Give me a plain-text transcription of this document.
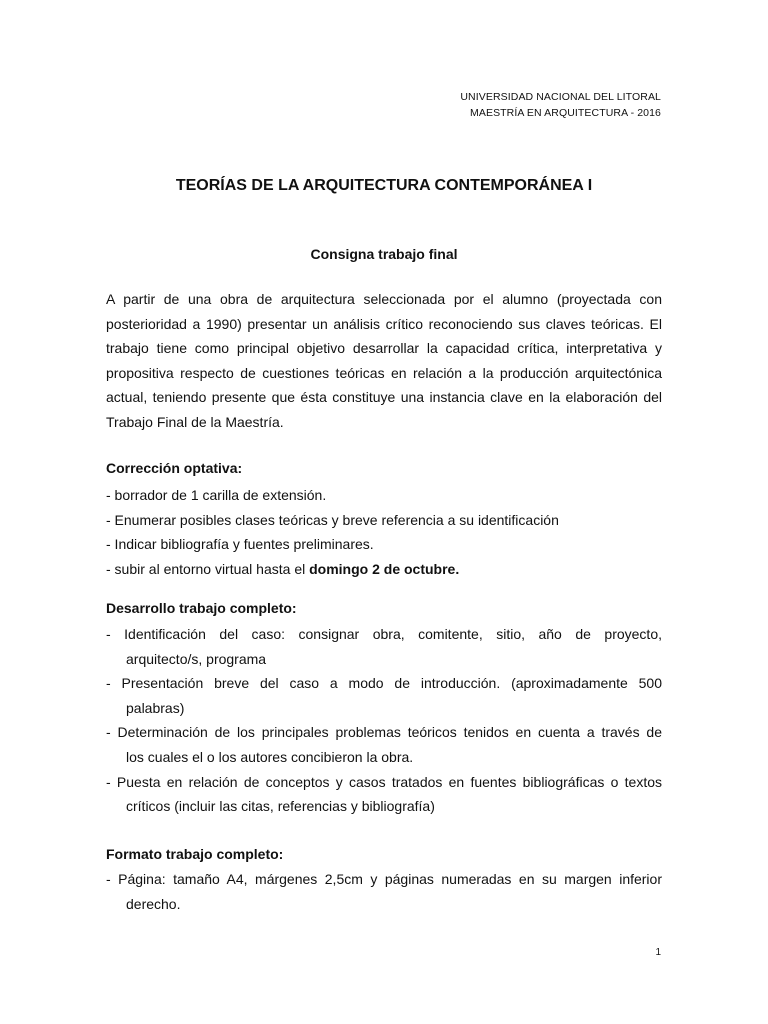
UNIVERSIDAD NACIONAL DEL LITORAL
MAESTRÍA EN ARQUITECTURA - 2016
TEORÍAS DE LA ARQUITECTURA CONTEMPORÁNEA I
Consigna trabajo final
A partir de una obra de arquitectura seleccionada por el alumno (proyectada con posterioridad a 1990) presentar un análisis crítico reconociendo sus claves teóricas. El trabajo tiene como principal objetivo desarrollar la capacidad crítica, interpretativa y propositiva respecto de cuestiones teóricas en relación a la producción arquitectónica actual, teniendo presente que ésta constituye una instancia clave en la elaboración del Trabajo Final de la Maestría.
Corrección optativa:
- borrador de 1 carilla de extensión.
- Enumerar posibles clases teóricas y breve referencia a su identificación
- Indicar bibliografía y fuentes preliminares.
- subir al entorno virtual hasta el domingo 2 de octubre.
Desarrollo trabajo completo:
- Identificación del caso: consignar obra, comitente, sitio, año de proyecto,
arquitecto/s, programa
- Presentación breve del caso a modo de introducción. (aproximadamente 500
palabras)
- Determinación de los principales problemas teóricos tenidos en cuenta a través de
los cuales el o los autores concibieron la obra.
- Puesta en relación de conceptos y casos tratados en fuentes bibliográficas o textos
críticos (incluir las citas, referencias y bibliografía)
Formato trabajo completo:
- Página: tamaño A4, márgenes 2,5cm y páginas numeradas en su margen inferior
derecho.
1
